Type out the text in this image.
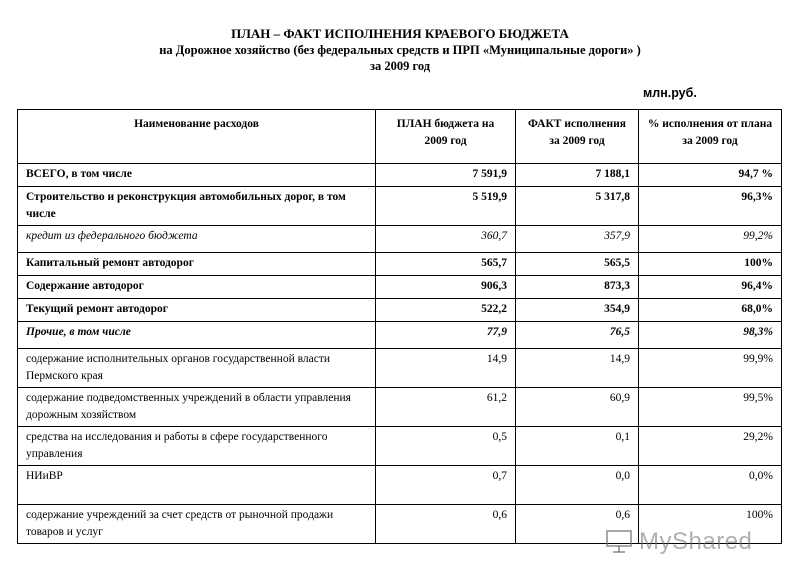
ПЛАН – ФАКТ ИСПОЛНЕНИЯ КРАЕВОГО БЮДЖЕТА
на Дорожное хозяйство (без федеральных средств и ПРП «Муниципальные дороги» )
за 2009 год
млн.руб.
Наименование расходов	ПЛАН бюджета на 2009 год	ФАКТ исполнения за 2009 год	% исполнения от плана за 2009 год
ВСЕГО, в том числе	7 591,9	7 188,1	94,7 %
Строительство и реконструкция автомобильных дорог, в том числе	5 519,9	5 317,8	96,3%
кредит из федерального бюджета	360,7	357,9	99,2%
Капитальный ремонт автодорог	565,7	565,5	100%
Содержание автодорог	906,3	873,3	96,4%
Текущий ремонт автодорог	522,2	354,9	68,0%
Прочие, в том числе	77,9	76,5	98,3%
содержание исполнительных органов государственной власти Пермского края	14,9	14,9	99,9%
содержание подведомственных учреждений в области управления дорожным хозяйством	61,2	60,9	99,5%
средства на исследования и работы в сфере государственного управления	0,5	0,1	29,2%
НИиВР	0,7	0,0	0,0%
содержание учреждений за счет средств от рыночной продажи товаров и услуг	0,6	0,6	100%
MyShared
